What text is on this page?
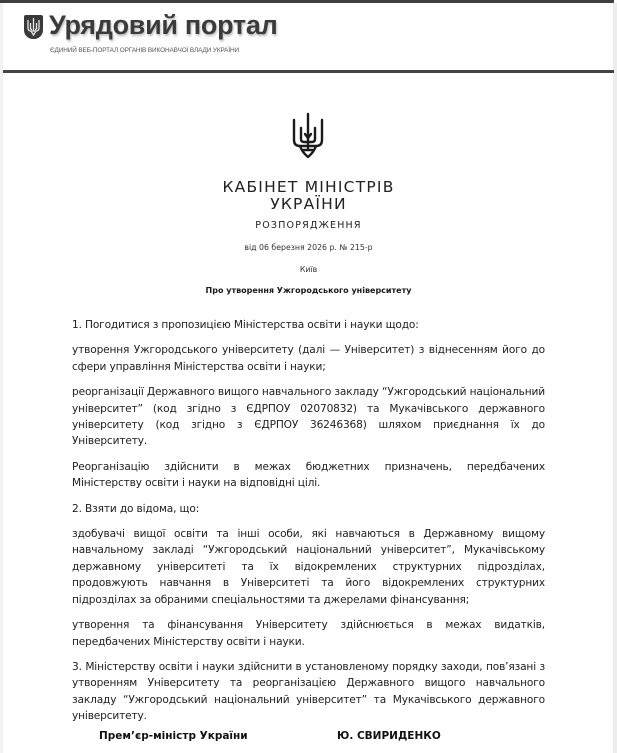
Урядовий портал
ЄДИНИЙ ВЕБ-ПОРТАЛ ОРГАНІВ ВИКОНАВЧОЇ ВЛАДИ УКРАЇНИ
КАБІНЕТ МІНІСТРІВ
УКРАЇНИ
РОЗПОРЯДЖЕННЯ
від 06 березня 2026 р. № 215-р
Київ
Про утворення Ужгородського університету

1. Погодитися з пропозицією Міністерства освіти і науки щодо:

утворення Ужгородського університету (далі — Університет) з віднесенням його до сфери управління Міністерства освіти і науки;

реорганізації Державного вищого навчального закладу “Ужгородський національний університет” (код згідно з ЄДРПОУ 02070832) та Мукачівського державного університету (код згідно з ЄДРПОУ 36246368) шляхом приєднання їх до Університету.

Реорганізацію здійснити в межах бюджетних призначень, передбачених Міністерству освіти і науки на відповідні цілі.

2. Взяти до відома, що:

здобувачі вищої освіти та інші особи, які навчаються в Державному вищому навчальному закладі “Ужгородський національний університет”, Мукачівському державному університеті та їх відокремлених структурних підрозділах, продовжують навчання в Університеті та його відокремлених структурних підрозділах за обраними спеціальностями та джерелами фінансування;

утворення та фінансування Університету здійснюється в межах видатків, передбачених Міністерству освіти і науки.

3. Міністерству освіти і науки здійснити в установленому порядку заходи, пов’язані з утворенням Університету та реорганізацією Державного вищого навчального закладу “Ужгородський національний університет” та Мукачівського державного університету.

Прем’єр-міністр України	Ю. СВИРИДЕНКО
